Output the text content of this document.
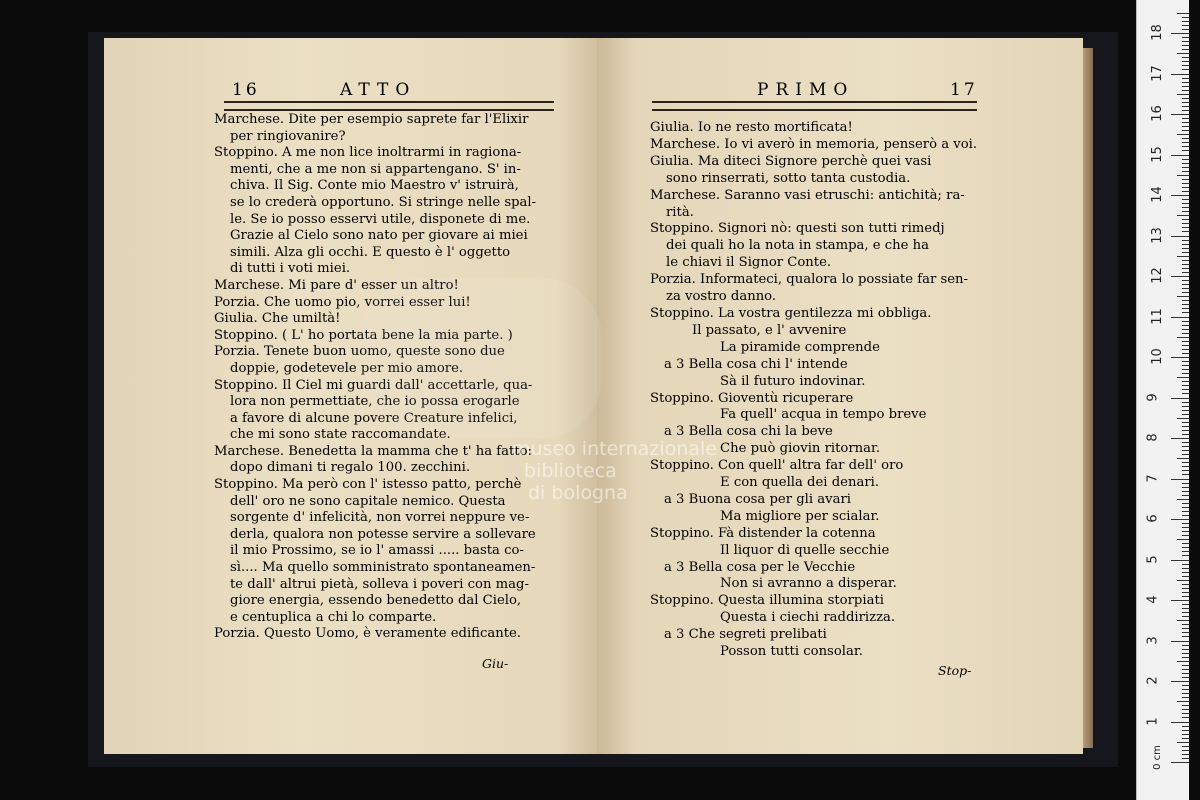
16	ATTO	PRIMO	17
Marchese. Dite per esempio saprete far l'Elixir
per ringiovanire?
Stoppino. A me non lice inoltrarmi in ragiona-
menti, che a me non si appartengano. S' in-
chiva. Il Sig. Conte mio Maestro v' istruirà,
se lo crederà opportuno. Si stringe nelle spal-
le. Se io posso esservi utile, disponete di me.
Grazie al Cielo sono nato per giovare ai miei
simili. Alza gli occhi. E questo è l' oggetto
di tutti i voti miei.
Marchese. Mi pare d' esser un altro!
Porzia. Che uomo pio, vorrei esser lui!
Giulia. Che umiltà!
Stoppino. ( L' ho portata bene la mia parte. )
Porzia. Tenete buon uomo, queste sono due
doppie, godetevele per mio amore.
Stoppino. Il Ciel mi guardi dall' accettarle, qua-
lora non permettiate, che io possa erogarle
a favore di alcune povere Creature infelici,
che mi sono state raccomandate.
Marchese. Benedetta la mamma che t' ha fatto:
dopo dimani ti regalo 100. zecchini.
Stoppino. Ma però con l' istesso patto, perchè
dell' oro ne sono capitale nemico. Questa
sorgente d' infelicità, non vorrei neppure ve-
derla, qualora non potesse servire a sollevare
il mio Prossimo, se io l' amassi ..... basta co-
sì.... Ma quello somministrato spontaneamen-
te dall' altrui pietà, solleva i poveri con mag-
giore energia, essendo benedetto dal Cielo,
e centuplica a chi lo comparte.
Porzia. Questo Uomo, è veramente edificante.
Giulia. Io ne resto mortificata!
Marchese. Io vi averò in memoria, penserò a voi.
Giulia. Ma diteci Signore perchè quei vasi
sono rinserrati, sotto tanta custodia.
Marchese. Saranno vasi etruschi: antichità; ra-
rità.
Stoppino. Signori nò: questi son tutti rimedj
dei quali ho la nota in stampa, e che ha
le chiavi il Signor Conte.
Porzia. Informateci, qualora lo possiate far sen-
za vostro danno.
Stoppino. La vostra gentilezza mi obbliga.
Il passato, e l' avvenire
La piramide comprende
a 3 Bella cosa chi l' intende
Sà il futuro indovinar.
Stoppino. Gioventù ricuperare
Fa quell' acqua in tempo breve
a 3 Bella cosa chi la beve
Che può giovin ritornar.
Stoppino. Con quell' altra far dell' oro
E con quella dei denari.
a 3 Buona cosa per gli avari
Ma migliore per scialar.
Stoppino. Fà distender la cotenna
Il liquor di quelle secchie
a 3 Bella cosa per le Vecchie
Non si avranno a disperar.
Stoppino. Questa illumina storpiati
Questa i ciechi raddirizza.
a 3 Che segreti prelibati
Posson tutti consolar.
Giu-	Stop-
museo internazionale
biblioteca
di bologna
0 cm
1
2
3
4
5
6
7
8
9
10
11
12
13
14
15
16
17
18
